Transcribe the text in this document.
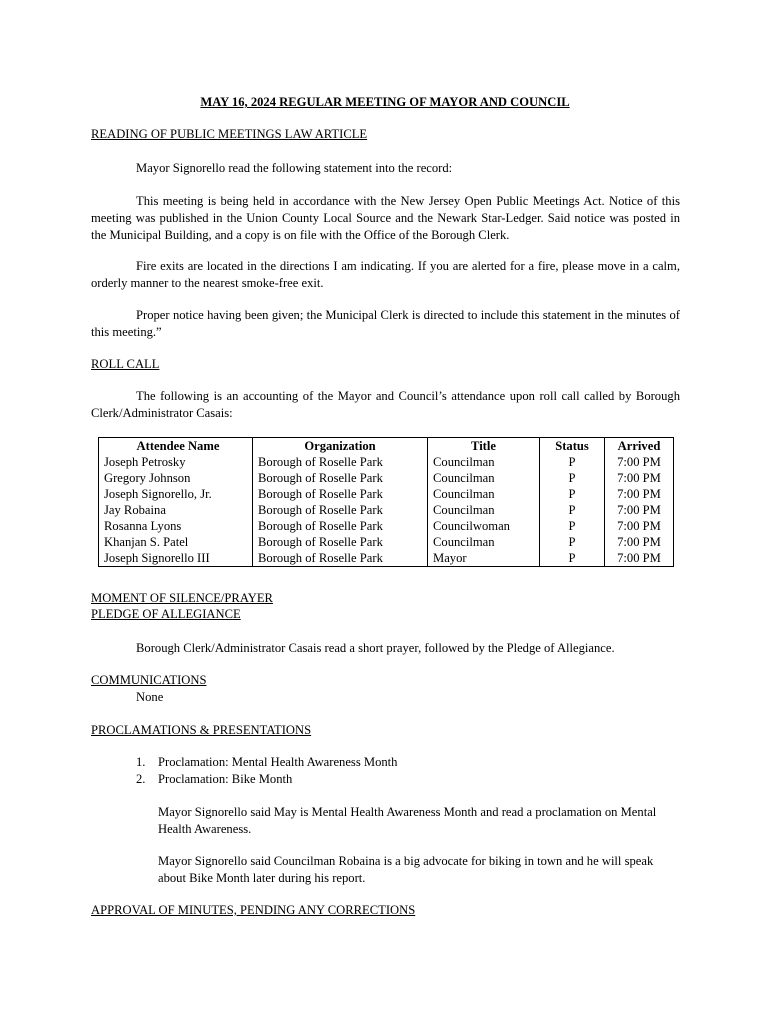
MAY 16, 2024 REGULAR MEETING OF MAYOR AND COUNCIL
READING OF PUBLIC MEETINGS LAW ARTICLE
Mayor Signorello read the following statement into the record:
This meeting is being held in accordance with the New Jersey Open Public Meetings Act. Notice of this meeting was published in the Union County Local Source and the Newark Star-Ledger. Said notice was posted in the Municipal Building, and a copy is on file with the Office of the Borough Clerk.
Fire exits are located in the directions I am indicating. If you are alerted for a fire, please move in a calm, orderly manner to the nearest smoke-free exit.
Proper notice having been given; the Municipal Clerk is directed to include this statement in the minutes of this meeting.”
ROLL CALL
The following is an accounting of the Mayor and Council’s attendance upon roll call called by Borough Clerk/Administrator Casais:
Attendee Name	Organization	Title	Status	Arrived
Joseph Petrosky	Borough of Roselle Park	Councilman	P	7:00 PM
Gregory Johnson	Borough of Roselle Park	Councilman	P	7:00 PM
Joseph Signorello, Jr.	Borough of Roselle Park	Councilman	P	7:00 PM
Jay Robaina	Borough of Roselle Park	Councilman	P	7:00 PM
Rosanna Lyons	Borough of Roselle Park	Councilwoman	P	7:00 PM
Khanjan S. Patel	Borough of Roselle Park	Councilman	P	7:00 PM
Joseph Signorello III	Borough of Roselle Park	Mayor	P	7:00 PM
MOMENT OF SILENCE/PRAYER
PLEDGE OF ALLEGIANCE
Borough Clerk/Administrator Casais read a short prayer, followed by the Pledge of Allegiance.
COMMUNICATIONS
None
PROCLAMATIONS & PRESENTATIONS
1. Proclamation: Mental Health Awareness Month
2. Proclamation: Bike Month
Mayor Signorello said May is Mental Health Awareness Month and read a proclamation on Mental Health Awareness.
Mayor Signorello said Councilman Robaina is a big advocate for biking in town and he will speak about Bike Month later during his report.
APPROVAL OF MINUTES, PENDING ANY CORRECTIONS
